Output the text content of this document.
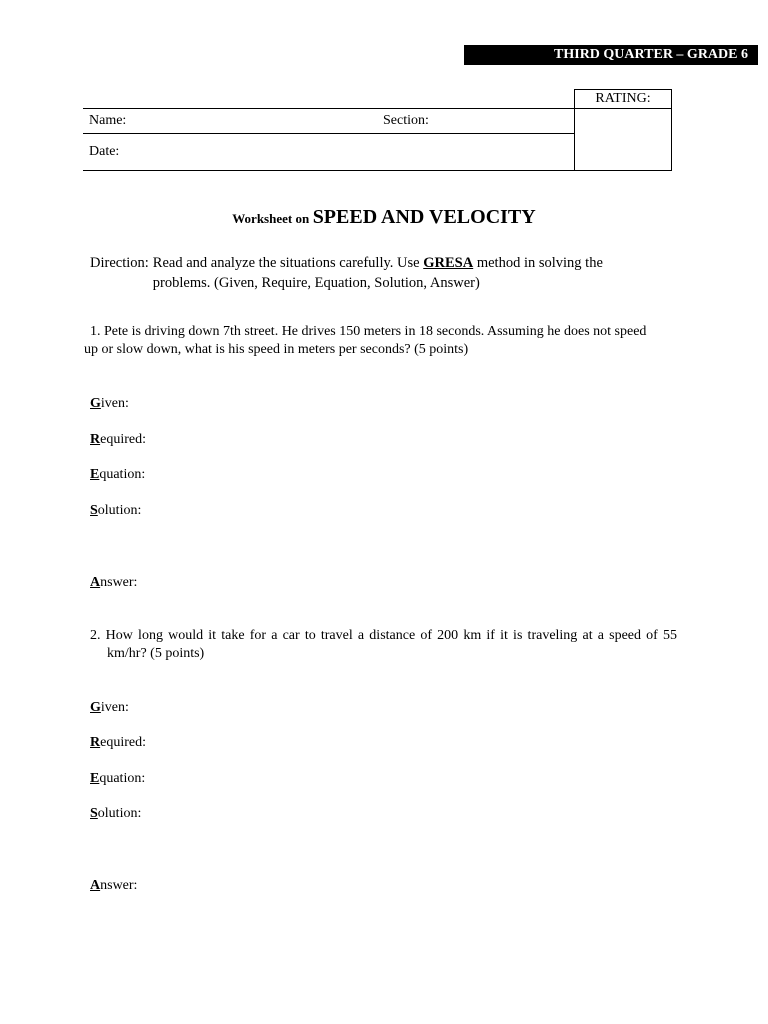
THIRD QUARTER – GRADE 6
		RATING:
Name:	Section:	
Date:		
Worksheet on SPEED AND VELOCITY
Direction: Read and analyze the situations carefully. Use GRESA method in solving the
problems. (Given, Require, Equation, Solution, Answer)
1. Pete is driving down 7th street. He drives 150 meters in 18 seconds. Assuming he does not speed
up or slow down, what is his speed in meters per seconds? (5 points)
Given:
Required:
Equation:
Solution:
Answer:
2. How long would it take for a car to travel a distance of 200 km if it is traveling at a speed of 55 km/hr? (5 points)
Given:
Required:
Equation:
Solution:
Answer:
